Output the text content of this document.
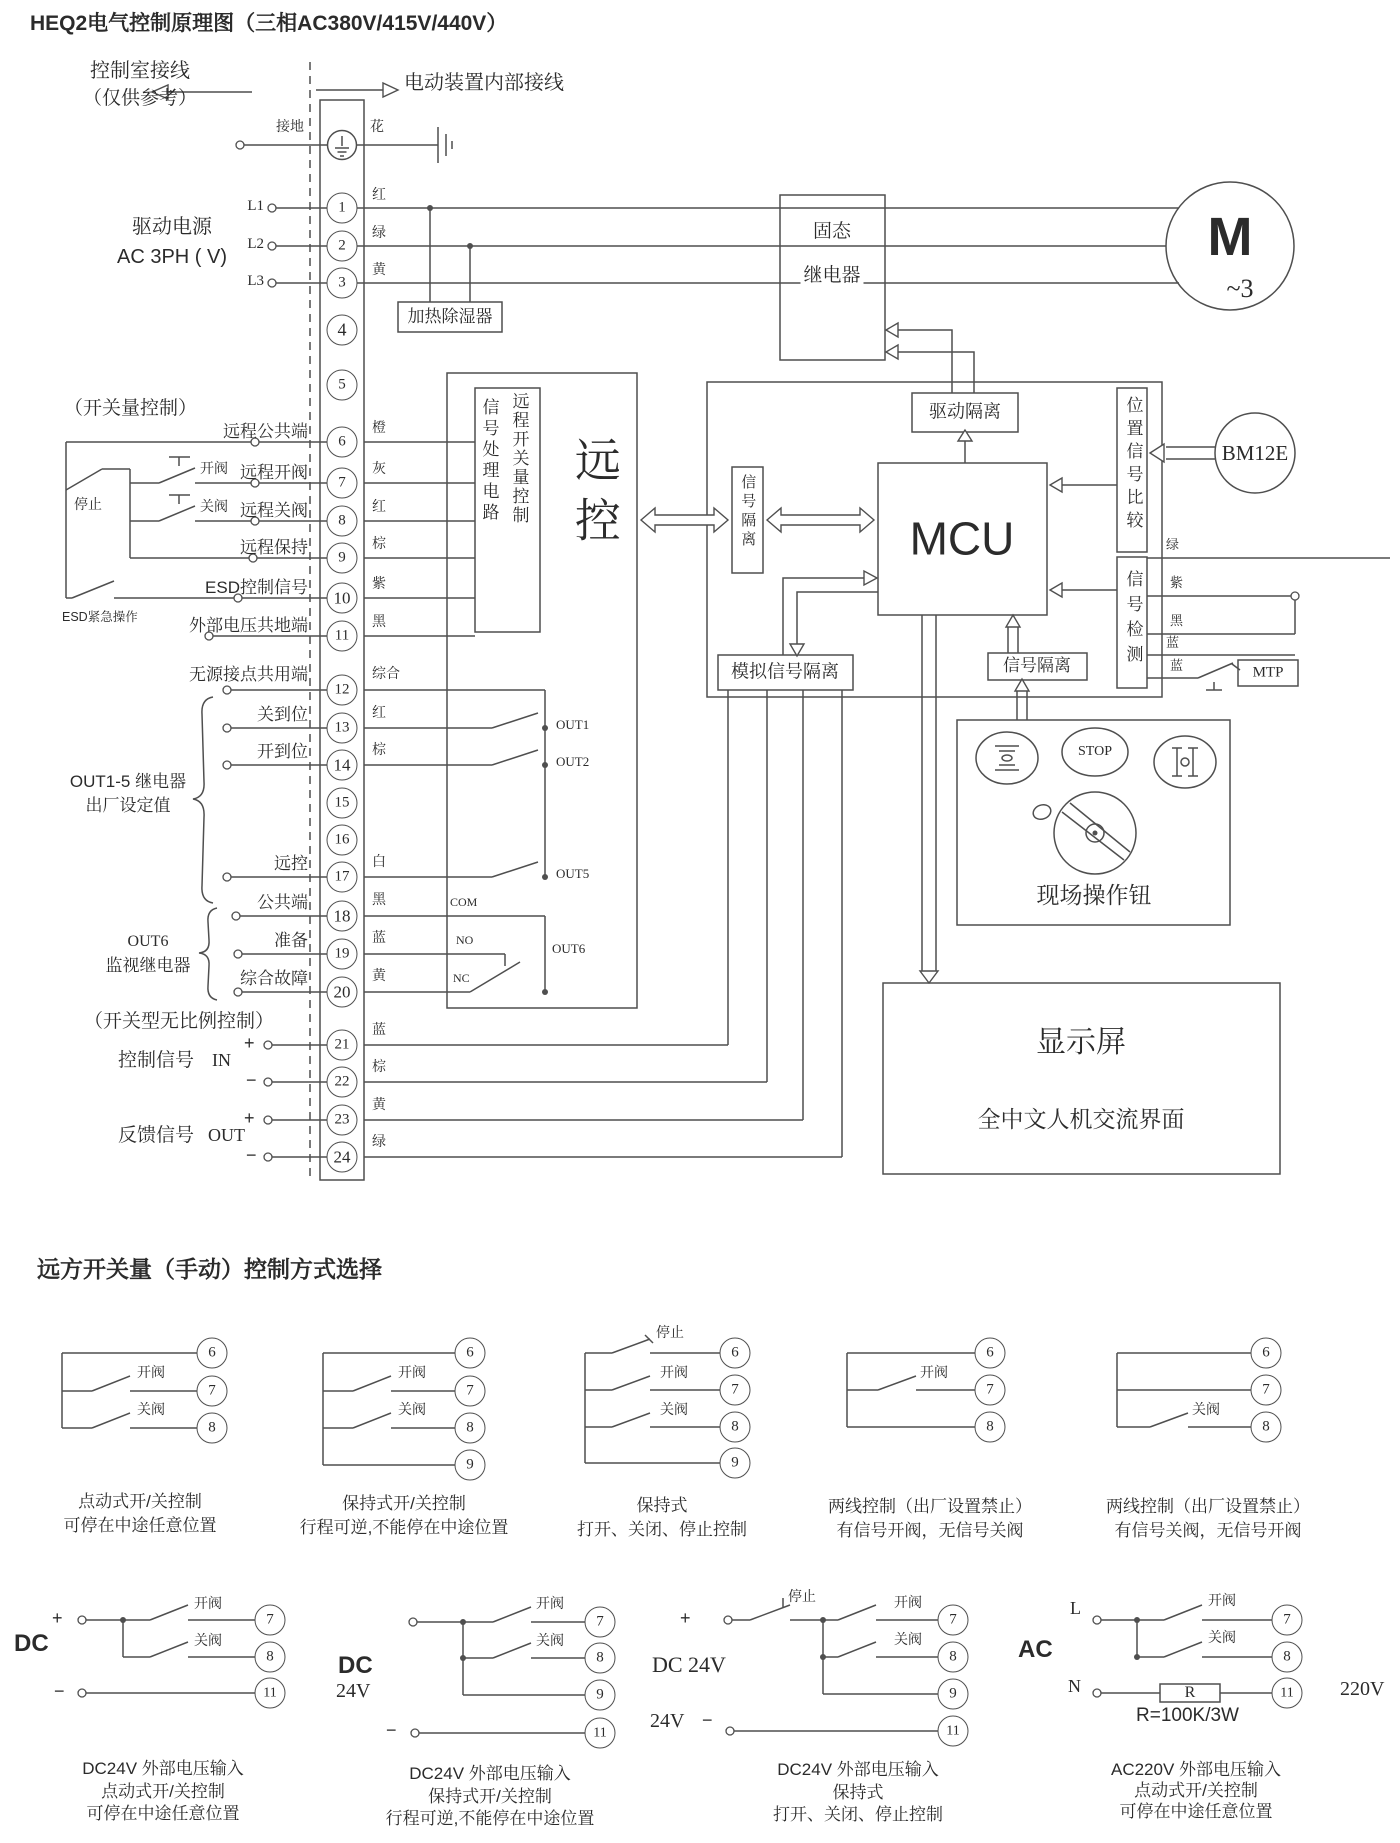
HEQ2电气控制原理图（三相AC380V/415V/440V）
控制室接线
（仅供参考）
电动装置内部接线
接地	花
驱动电源
AC 3PH ( V)
L1
L2
L3
红
绿
黄
加热除湿器
固态
继电器
M
~3
（开关量控制）
远程公共端
远程开阀
远程关阀
远程保持
ESD控制信号
外部电压共地端
停止
开阀
关阀
ESD紧急操作
橙
灰
红
棕
紫
黑
无源接点共用端
关到位
开到位
远控
OUT1-5 继电器
出厂设定值
综合
红
棕
白
公共端
准备
综合故障
OUT6
监视继电器
黑
蓝
黄
COM
NO
NC
OUT1
OUT2
OUT5
OUT6
（开关型无比例控制）
控制信号 IN
反馈信号 OUT
+
−
+
−
蓝
棕
黄
绿
远控
信号处理电路 远程开关量控制	驱动隔离
MCU
信号隔离
模拟信号隔离	信号隔离
位置信号比较
信号检测
BM12E
MTP
绿
紫
黑
蓝
蓝
STOP
现场操作钮
显示屏
全中文人机交流界面
1
2
3
4
5
6
7
8
9
10
11
12
13
14
15
16
17
18
19
20
21
22
23
24
远方开关量（手动）控制方式选择
开阀
关阀
6
7
8
点动式开/关控制
可停在中途任意位置
开阀
关阀
6
7
8
9
保持式开/关控制
行程可逆,不能停在中途位置
停止
开阀
关阀
6
7
8
9
保持式
打开、关闭、停止控制
开阀
6
7
8
两线控制（出厂设置禁止）
有信号开阀，无信号关阀
关阀
6
7
8
两线控制（出厂设置禁止）
有信号关阀，无信号开阀
DC
+
−
开阀
关阀
7
8
11
DC24V 外部电压输入
点动式开/关控制
可停在中途任意位置
DC
24V
−
开阀
关阀
7
8
9
11
DC24V 外部电压输入
保持式开/关控制
行程可逆,不能停在中途位置
+
停止	开阀
关阀
DC 24V
24V −
7
8
9
11
DC24V 外部电压输入
保持式
打开、关闭、停止控制
L
AC
N
开阀
关阀
R
R=100K/3W
220V
7
8
11
AC220V 外部电压输入
点动式开/关控制
可停在中途任意位置
